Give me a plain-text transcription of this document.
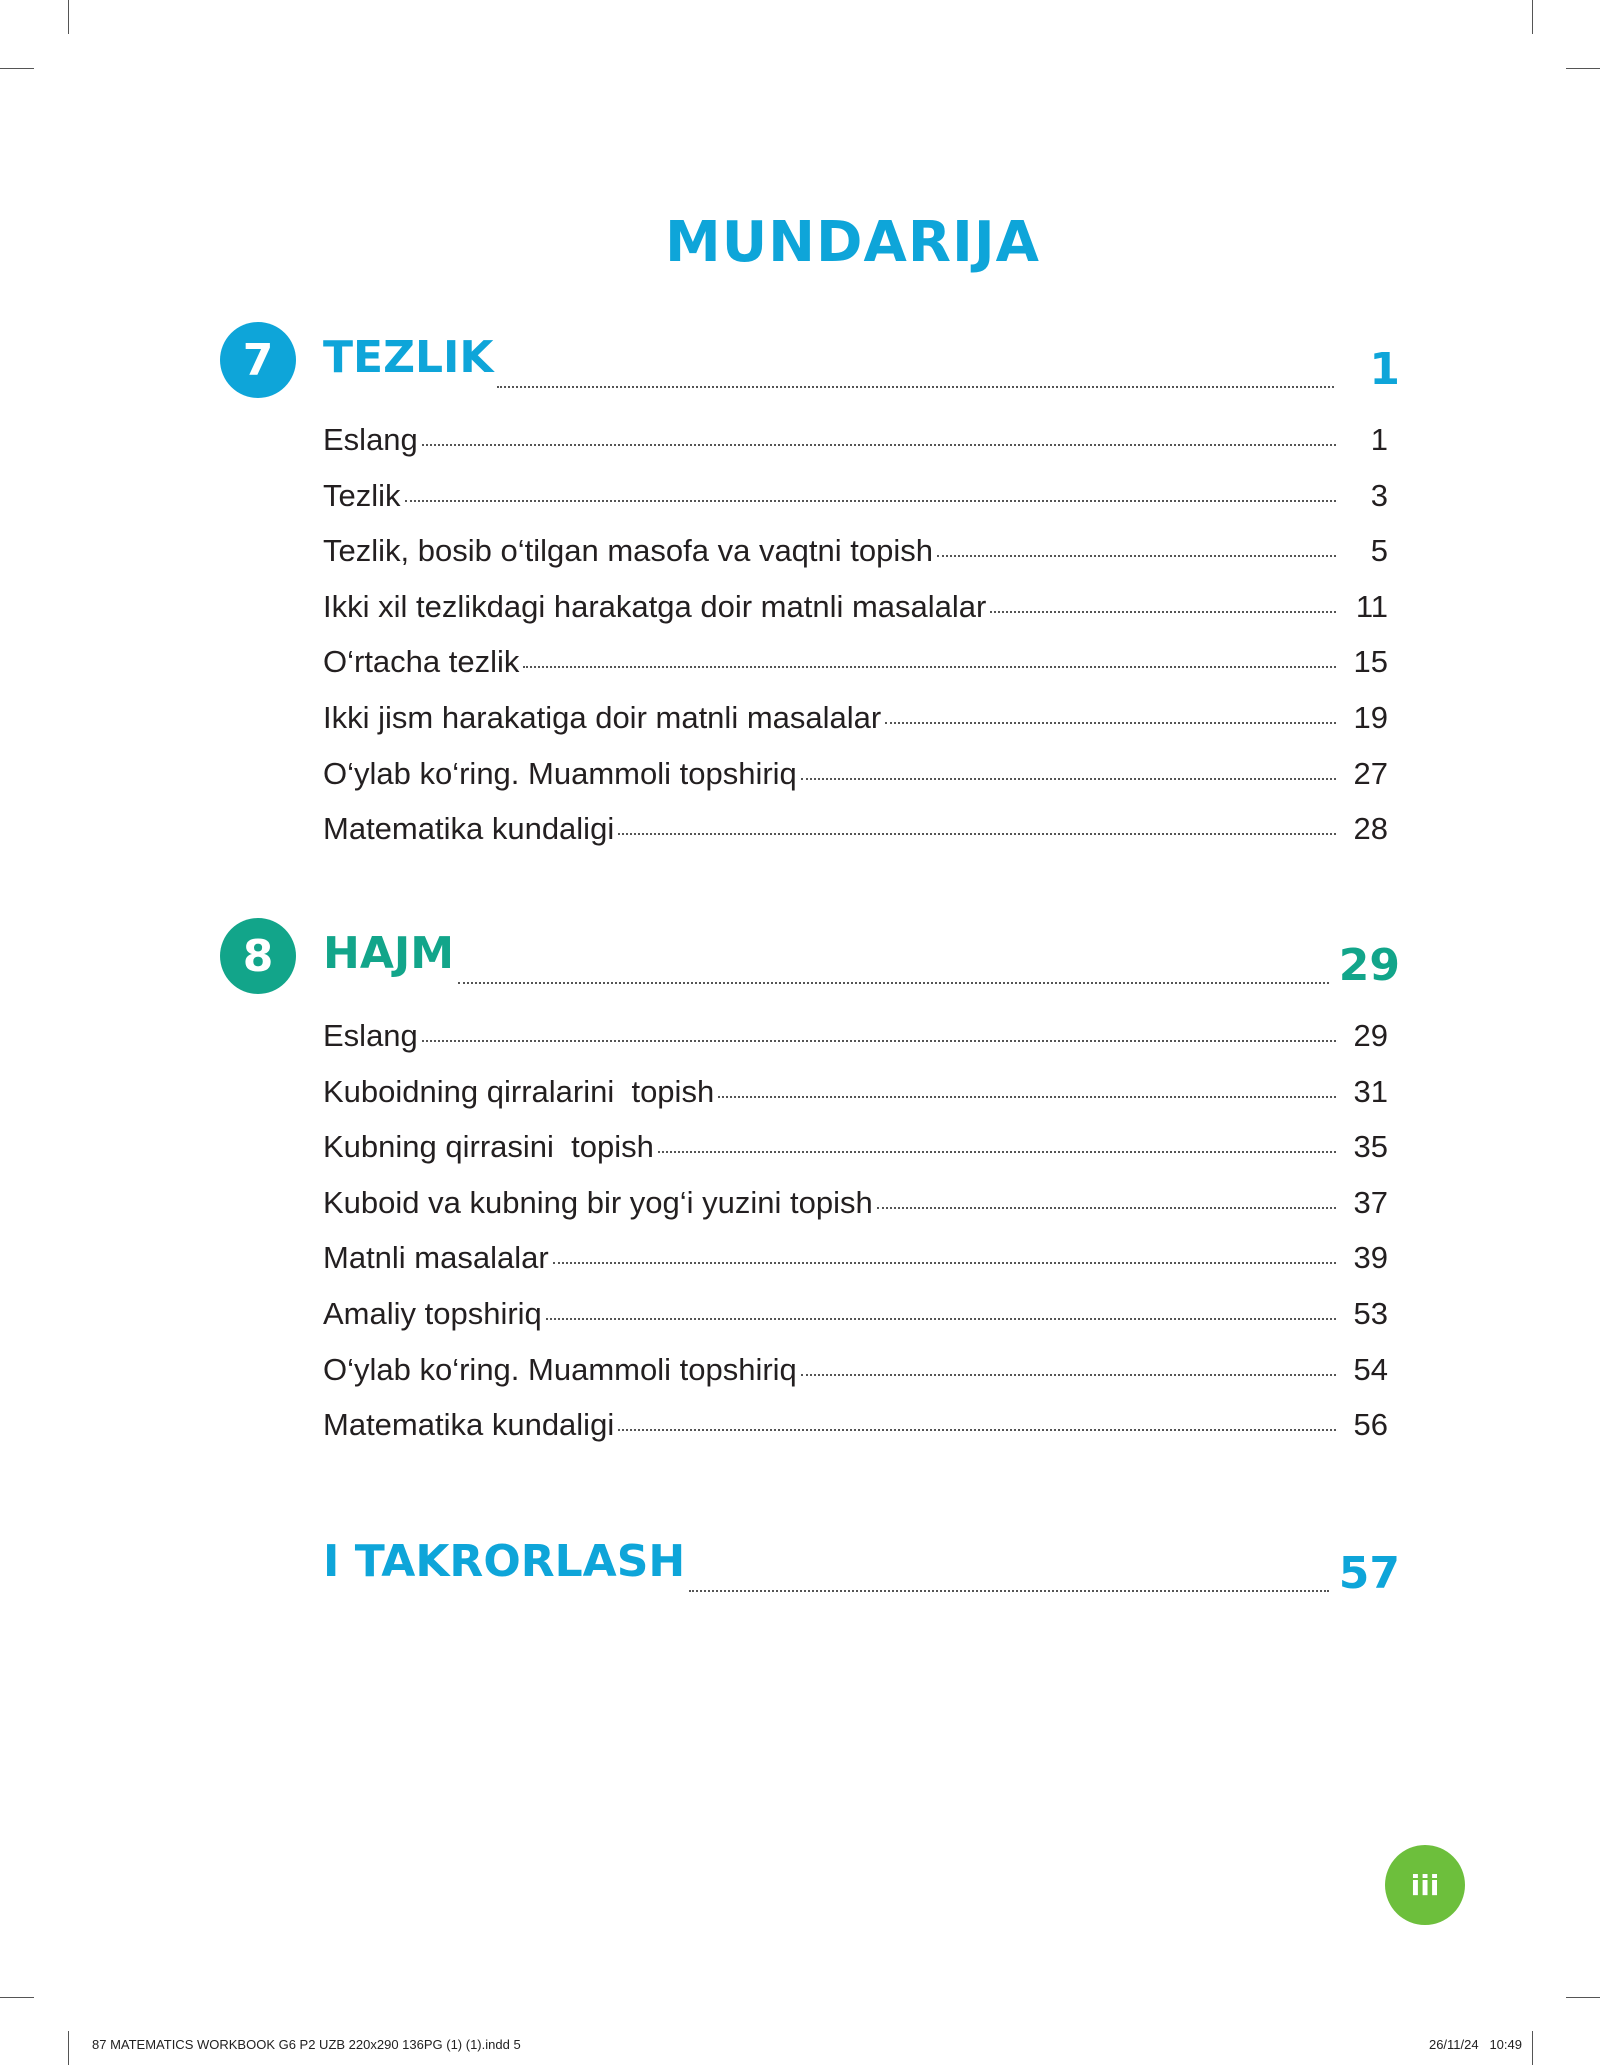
MUNDARIJA
7	TEZLIK	1
Eslang	1
Tezlik	3
Tezlik, bosib o‘tilgan masofa va vaqtni topish	5
Ikki xil tezlikdagi harakatga doir matnli masalalar	11
O‘rtacha tezlik	15
Ikki jism harakatiga doir matnli masalalar	19
O‘ylab ko‘ring. Muammoli topshiriq	27
Matematika kundaligi	28
8	HAJM	29
Eslang	29
Kuboidning qirralarini  topish	31
Kubning qirrasini  topish	35
Kuboid va kubning bir yog‘i yuzini topish	37
Matnli masalalar	39
Amaliy topshiriq	53
O‘ylab ko‘ring. Muammoli topshiriq	54
Matematika kundaligi	56
I TAKRORLASH	57
iii
87 MATEMATICS WORKBOOK G6 P2 UZB 220x290 136PG (1) (1).indd 5	26/11/24 10:49
